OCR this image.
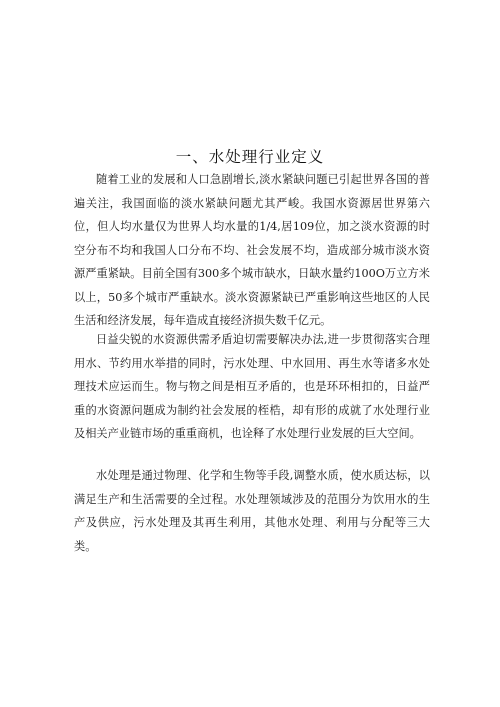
一、水处理行业定义

随着工业的发展和人口急剧增长,淡水紧缺问题已引起世界各国的普遍关注，我国面临的淡水紧缺问题尤其严峻。我国水资源居世界第六位，但人均水量仅为世界人均水量的1/4,居109位，加之淡水资源的时空分布不均和我国人口分布不均、社会发展不均，造成部分城市淡水资源严重紧缺。目前全国有300多个城市缺水，日缺水量约100O万立方米以上，50多个城市严重缺水。淡水资源紧缺已严重影响这些地区的人民生活和经济发展，每年造成直接经济损失数千亿元。

日益尖锐的水资源供需矛盾迫切需要解决办法,进一步贯彻落实合理用水、节约用水举措的同时，污水处理、中水回用、再生水等诸多水处理技术应运而生。物与物之间是相互矛盾的，也是环环相扣的，日益严重的水资源问题成为制约社会发展的桎梏，却有形的成就了水处理行业及相关产业链市场的重重商机，也诠释了水处理行业发展的巨大空间。

水处理是通过物理、化学和生物等手段,调整水质，使水质达标，以满足生产和生活需要的全过程。水处理领域涉及的范围分为饮用水的生产及供应，污水处理及其再生利用，其他水处理、利用与分配等三大类。
